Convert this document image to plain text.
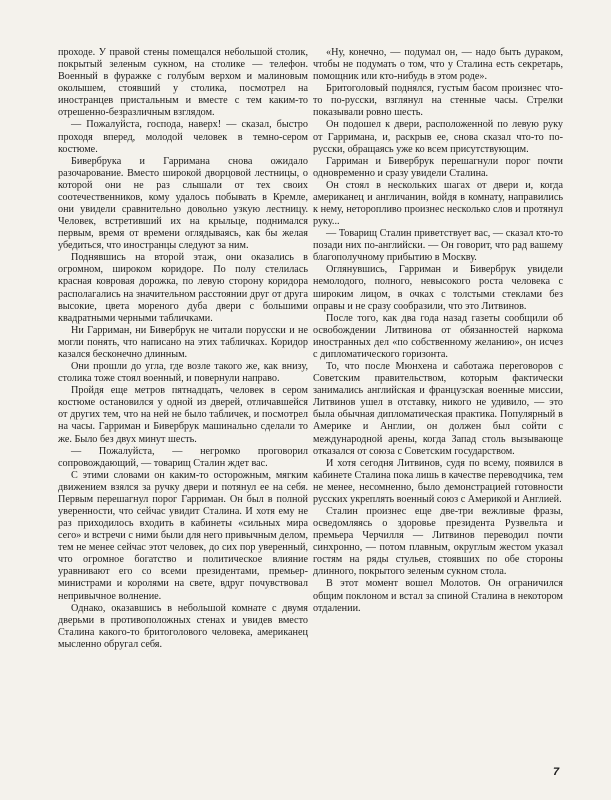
проходе. У правой стены помещался небольшой столик, покрытый зеленым сукном, на столике — телефон. Военный в фуражке с голубым верхом и малиновым околышем, стоявший у столика, посмотрел на иностранцев пристальным и вместе с тем каким-то отрешенно-безразличным взглядом.

— Пожалуйста, господа, наверх! — сказал, быстро проходя вперед, молодой человек в темно-сером костюме.

Бивербрука и Гарримана снова ожидало разочарование. Вместо широкой дворцовой лестницы, о которой они не раз слышали от тех своих соотечественников, кому удалось побывать в Кремле, они увидели сравнительно довольно узкую лестницу. Человек, встретивший их на крыльце, поднимался первым, время от времени оглядываясь, как бы желая убедиться, что иностранцы следуют за ним.

Поднявшись на второй этаж, они оказались в огромном, широком коридоре. По полу стелилась красная ковровая дорожка, по левую сторону коридора располагались на значительном расстоянии друг от друга высокие, цвета мореного дуба двери с большими квадратными черными табличками.

Ни Гарриман, ни Бивербрук не читали порусски и не могли понять, что написано на этих табличках. Коридор казался бесконечно длинным.

Они прошли до угла, где возле такого же, как внизу, столика тоже стоял военный, и повернули направо.

Пройдя еще метров пятнадцать, человек в сером костюме остановился у одной из дверей, отличавшейся от других тем, что на ней не было табличек, и посмотрел на часы. Гарриман и Бивербрук машинально сделали то же. Было без двух минут шесть.

— Пожалуйста, — негромко проговорил сопровождающий, — товарищ Сталин ждет вас.

С этими словами он каким-то осторожным, мягким движением взялся за ручку двери и потянул ее на себя. Первым перешагнул порог Гарриман. Он был в полной уверенности, что сейчас увидит Сталина. И хотя ему не раз приходилось входить в кабинеты «сильных мира сего» и встречи с ними были для него привычным делом, тем не менее сейчас этот человек, до сих пор уверенный, что огромное богатство и политическое влияние уравнивают его со всеми президентами, премьер-министрами и королями на свете, вдруг почувствовал непривычное волнение.

Однако, оказавшись в небольшой комнате с двумя дверьми в противоположных стенах и увидев вместо Сталина какого-то бритоголового человека, американец мысленно обругал себя.

«Ну, конечно, — подумал он, — надо быть дураком, чтобы не подумать о том, что у Сталина есть секретарь, помощник или кто-нибудь в этом роде».

Бритоголовый поднялся, густым басом произнес что-то по-русски, взглянул на стенные часы. Стрелки показывали ровно шесть.

Он подошел к двери, расположенной по левую руку от Гарримана, и, раскрыв ее, снова сказал что-то по-русски, обращаясь уже ко всем присутствующим.

Гарриман и Бивербрук перешагнули порог почти одновременно и сразу увидели Сталина.

Он стоял в нескольких шагах от двери и, когда американец и англичанин, войдя в комнату, направились к нему, неторопливо произнес несколько слов и протянул руку...

— Товарищ Сталин приветствует вас, — сказал кто-то позади них по-английски. — Он говорит, что рад вашему благополучному прибытию в Москву.

Оглянувшись, Гарриман и Бивербрук увидели немолодого, полного, невысокого роста человека с широким лицом, в очках с толстыми стеклами без оправы и не сразу сообразили, что это Литвинов.

После того, как два года назад газеты сообщили об освобождении Литвинова от обязанностей наркома иностранных дел «по собственному желанию», он исчез с дипломатического горизонта.

То, что после Мюнхена и саботажа переговоров с Советским правительством, которым фактически занимались английская и французская военные миссии, Литвинов ушел в отставку, никого не удивило, — это была обычная дипломатическая практика. Популярный в Америке и Англии, он должен был сойти с международной арены, когда Запад столь вызывающе отказался от союза с Советским государством.

И хотя сегодня Литвинов, судя по всему, появился в кабинете Сталина пока лишь в качестве переводчика, тем не менее, несомненно, было демонстрацией готовности русских укреплять военный союз с Америкой и Англией.

Сталин произнес еще две-три вежливые фразы, осведомляясь о здоровье президента Рузвельта и премьера Черчилля — Литвинов переводил почти синхронно, — потом плавным, округлым жестом указал гостям на ряды стульев, стоявших по обе стороны длинного, покрытого зеленым сукном стола.

В этот момент вошел Молотов. Он ограничился общим поклоном и встал за спиной Сталина в некотором отдалении.

7
